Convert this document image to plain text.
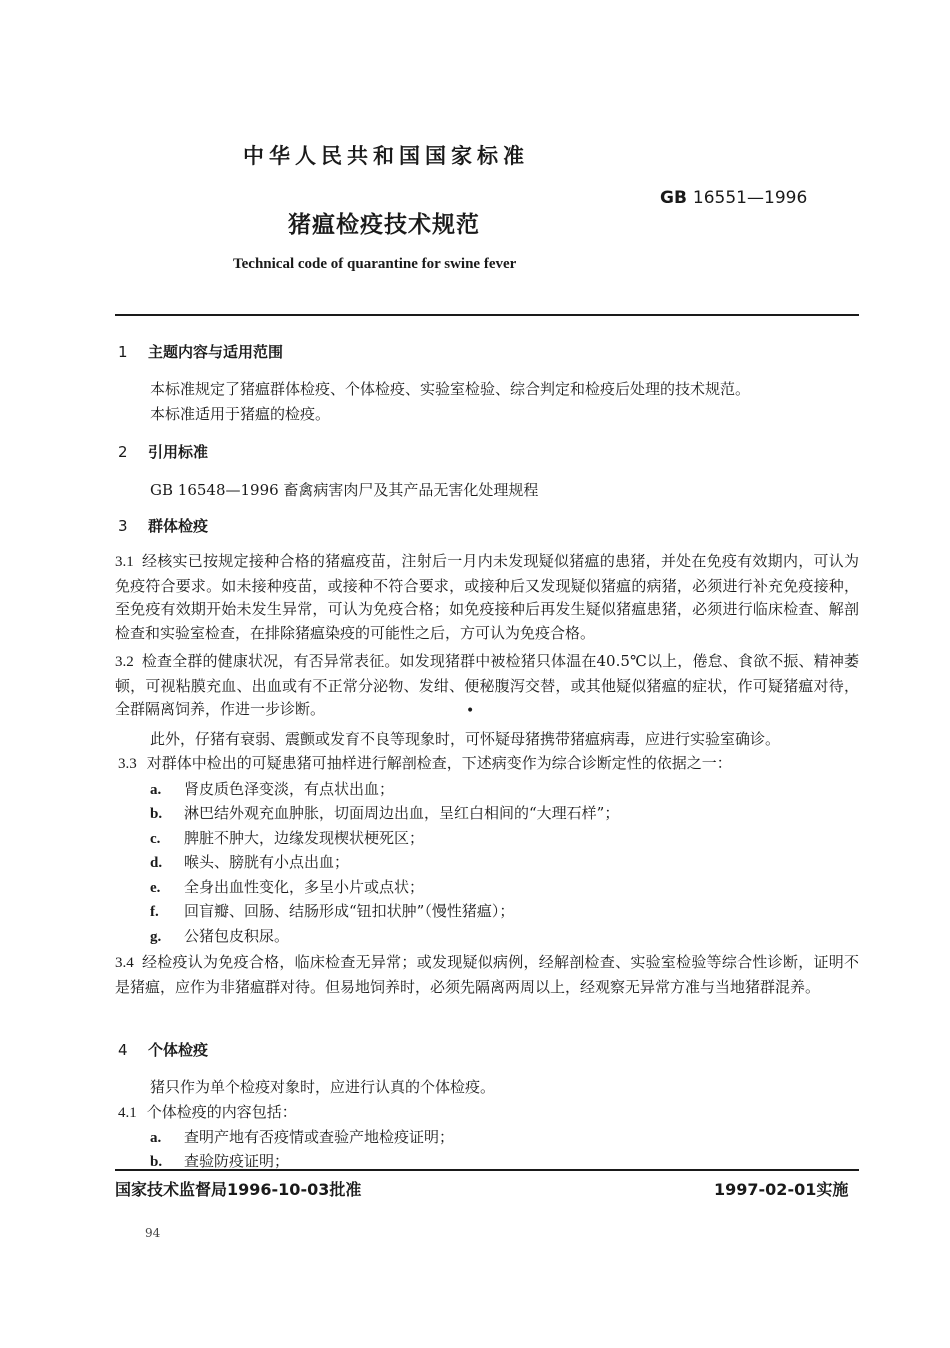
中华人民共和国国家标准
GB 16551—1996
猪瘟检疫技术规范
Technical code of quarantine for swine fever
1 主题内容与适用范围
本标准规定了猪瘟群体检疫、个体检疫、实验室检验、综合判定和检疫后处理的技术规范。
本标准适用于猪瘟的检疫。
2 引用标准
GB 16548—1996 畜禽病害肉尸及其产品无害化处理规程
3 群体检疫
3.1 经核实已按规定接种合格的猪瘟疫苗，注射后一月内未发现疑似猪瘟的患猪，并处在免疫有效期内，可认为免疫符合要求。如未接种疫苗，或接种不符合要求，或接种后又发现疑似猪瘟的病猪，必须进行补充免疫接种，至免疫有效期开始未发生异常，可认为免疫合格；如免疫接种后再发生疑似猪瘟患猪，必须进行临床检查、解剖检查和实验室检查，在排除猪瘟染疫的可能性之后，方可认为免疫合格。
3.2 检查全群的健康状况，有否异常表征。如发现猪群中被检猪只体温在40.5℃以上，倦怠、食欲不振、精神萎顿，可视粘膜充血、出血或有不正常分泌物、发绀、便秘腹泻交替，或其他疑似猪瘟的症状，作可疑猪瘟对待，全群隔离饲养，作进一步诊断。	•
此外，仔猪有衰弱、震颤或发育不良等现象时，可怀疑母猪携带猪瘟病毒，应进行实验室确诊。
3.3 对群体中检出的可疑患猪可抽样进行解剖检查，下述病变作为综合诊断定性的依据之一：
a. 肾皮质色泽变淡，有点状出血；
b. 淋巴结外观充血肿胀，切面周边出血，呈红白相间的“大理石样”；
c. 脾脏不肿大，边缘发现楔状梗死区；
d. 喉头、膀胱有小点出血；
e. 全身出血性变化，多呈小片或点状；
f. 回盲瓣、回肠、结肠形成“钮扣状肿”（慢性猪瘟）；
g. 公猪包皮积尿。
3.4 经检疫认为免疫合格，临床检查无异常；或发现疑似病例，经解剖检查、实验室检验等综合性诊断，证明不是猪瘟，应作为非猪瘟群对待。但易地饲养时，必须先隔离两周以上，经观察无异常方准与当地猪群混养。
4 个体检疫
猪只作为单个检疫对象时，应进行认真的个体检疫。
4.1 个体检疫的内容包括：
a. 查明产地有否疫情或查验产地检疫证明；
b. 查验防疫证明；
国家技术监督局1996-10-03批准	1997-02-01实施
94
